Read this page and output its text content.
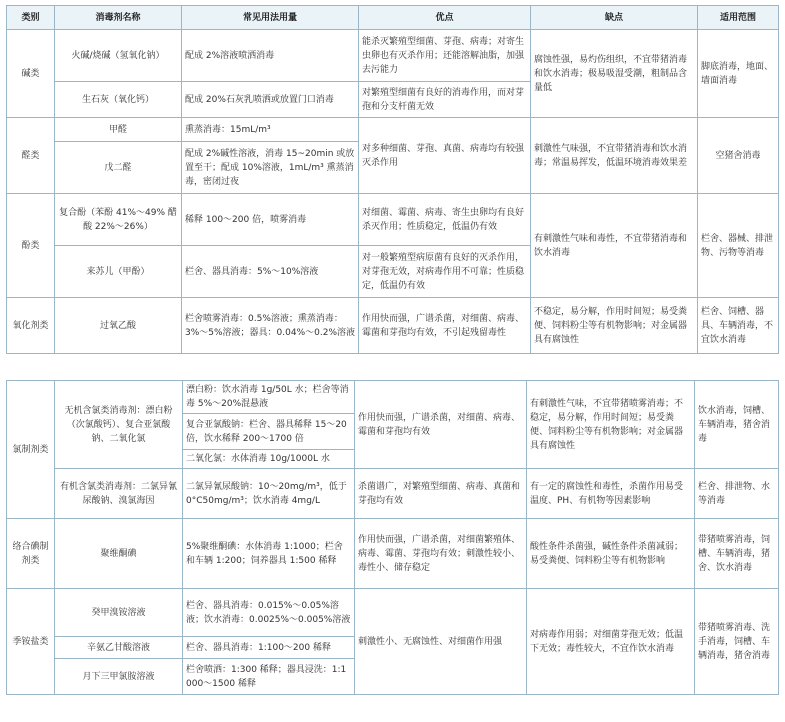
类别	消毒剂名称	常见用法用量	优点	缺点	适用范围
碱类	火碱/烧碱（氢氧化钠）	配成 2%溶液喷洒消毒	能杀灭繁殖型细菌、芽孢、病毒；对寄生虫卵也有灭杀作用；还能溶解油脂，加强去污能力	腐蚀性强，易灼伤组织，不宜带猪消毒和饮水消毒；极易吸湿受潮，粗制品含量低	脚底消毒，地面、墙面消毒
	生石灰（氧化钙）	配成 20%石灰乳喷洒或放置门口消毒	对繁殖型细菌有良好的消毒作用，而对芽孢和分支杆菌无效		
醛类	甲醛	熏蒸消毒：15mL/m³	对多种细菌、芽孢、真菌、病毒均有较强灭杀作用	刺激性气味强，不宜带猪消毒和饮水消毒；常温易挥发，低温环境消毒效果差	空猪舍消毒
	戊二醛	配成 2%碱性溶液，消毒 15~20min 或放置至干；配成 10%溶液，1mL/m³ 熏蒸消毒，密闭过夜			
酚类	复合酚（苯酚 41%～49% 醋酸 22%～26%）	稀释 100～200 倍，喷雾消毒	对细菌、霉菌、病毒、寄生虫卵均有良好杀灭作用；性质稳定，低温仍有效	有刺激性气味和毒性，不宜带猪消毒和饮水消毒	栏舍、器械、排泄物、污物等消毒
	来苏儿（甲酚）	栏舍、器具消毒：5%～10%溶液	对一般繁殖型病原菌有良好的灭杀作用，对芽孢无效，对病毒作用不可靠；性质稳定，低温仍有效		
氧化剂类	过氧乙酸	栏舍喷雾消毒：0.5%溶液；熏蒸消毒：3%～5%溶液；器具：0.04%～0.2%溶液	作用快而强，广谱杀菌，对细菌、病毒、霉菌和芽孢均有效，不引起残留毒性	不稳定，易分解，作用时间短；易受粪便、饲料粉尘等有机物影响；对金属器具有腐蚀性	栏舍、饲槽、器具、车辆消毒，不宜饮水消毒
氯制剂类	无机含氯类消毒剂：漂白粉（次氯酸钙）、复合亚氯酸钠、二氧化氯	漂白粉：饮水消毒 1g/50L 水；栏舍等消毒 5%～20%混悬液	作用快而强，广谱杀菌，对细菌、病毒、霉菌和芽孢均有效	有刺激性气味，不宜带猪喷雾消毒；不稳定，易分解，作用时间短；易受粪便、饲料粉尘等有机物影响；对金属器具有腐蚀性	饮水消毒，饲槽、车辆消毒，猪舍消毒
		复合亚氯酸钠：栏舍、器具稀释 15～20 倍，饮水稀释 200～1700 倍			
		二氧化氯：水体消毒 10g/1000L 水			
	有机含氯类消毒剂：二氯异氰尿酸钠、溴氯海因	二氯异氰尿酸钠：10～20mg/m³，低于 0°C50mg/m³；饮水消毒 4mg/L	杀菌谱广，对繁殖型细菌、病毒、真菌和芽孢均有效	有一定的腐蚀性和毒性，杀菌作用易受温度、PH、有机物等因素影响	栏舍、排泄物、水等消毒
络合碘制剂类	聚维酮碘	5%聚维酮碘：水体消毒 1:1000；栏舍和车辆 1:200；饲养器具 1:500 稀释	作用快而强，广谱杀菌，对细菌繁殖体、病毒、霉菌、芽孢均有效；刺激性较小、毒性小、储存稳定	酸性条件杀菌强，碱性条件杀菌减弱；易受粪便、饲料粉尘等有机物影响	带猪喷雾消毒，饲槽、车辆消毒，猪舍、饮水消毒
季铵盐类	癸甲溴铵溶液	栏舍、器具消毒：0.015%～0.05%溶液；饮水消毒：0.0025%～0.005%溶液	刺激性小、无腐蚀性、对细菌作用强	对病毒作用弱；对细菌芽孢无效；低温下无效；毒性较大，不宜作饮水消毒	带猪喷雾消毒、洗手消毒，饲槽、车辆消毒，猪舍消毒
	辛氨乙甘酸溶液	栏舍、器具消毒：1:100～200 稀释			
	月下三甲氯胺溶液	栏舍喷洒：1:300 稀释；器具浸洗：1:1000～1500 稀释			
